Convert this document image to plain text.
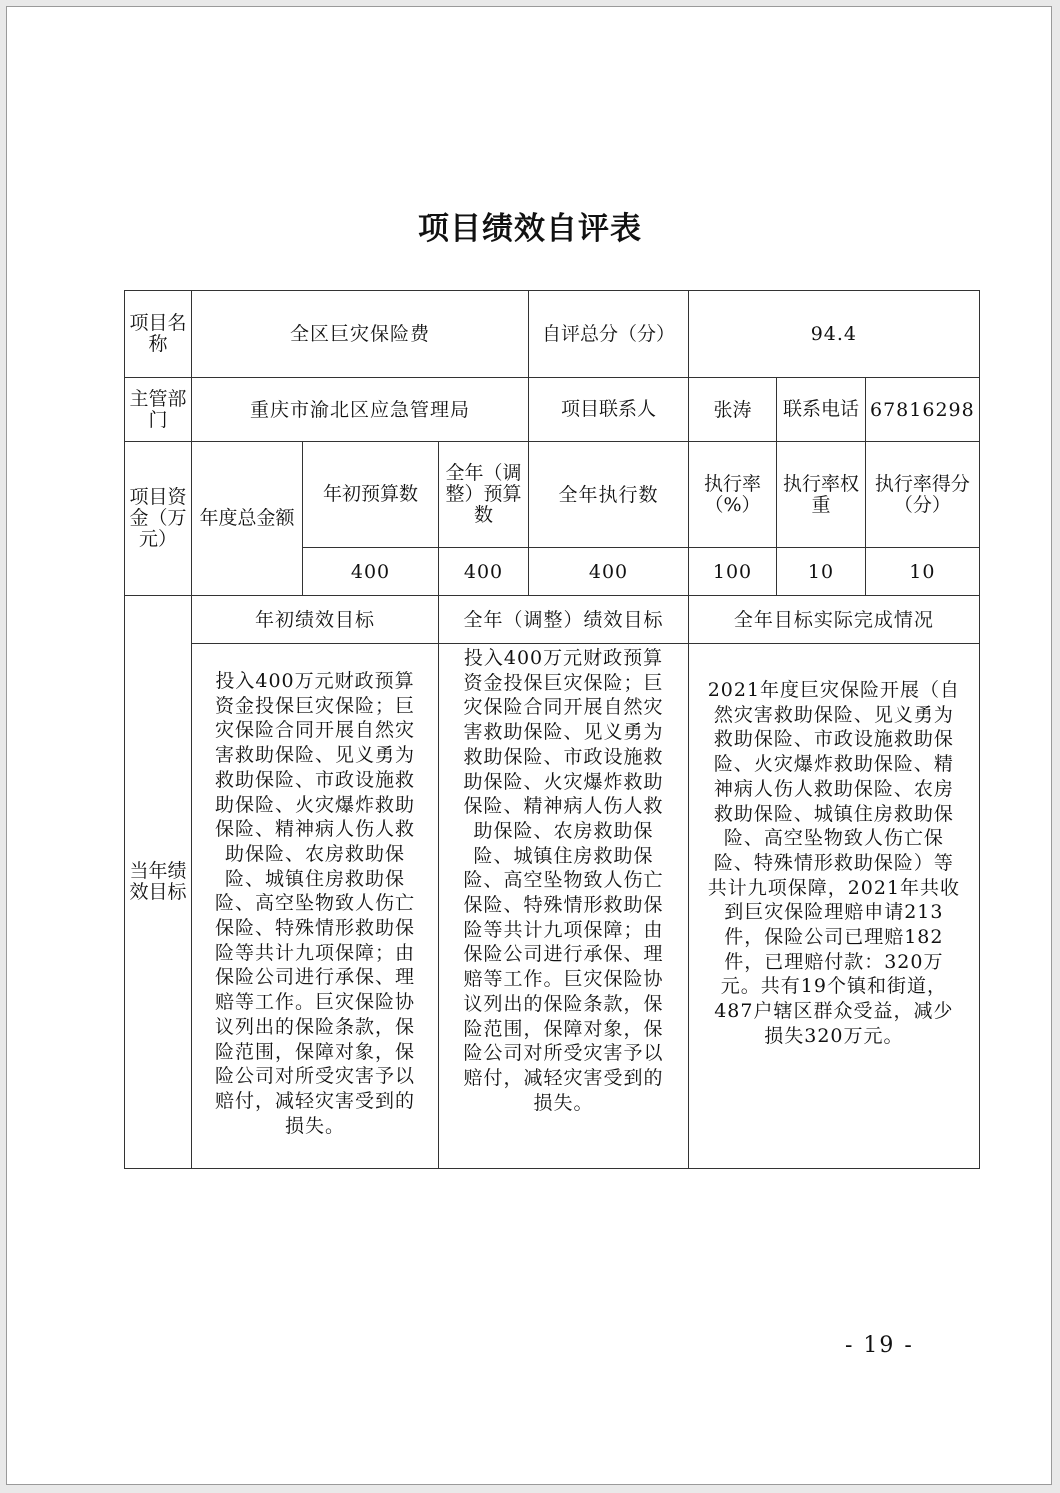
项目绩效自评表
项目名称	全区巨灾保险费			自评总分（分）	94.4		
主管部门	重庆市渝北区应急管理局			项目联系人	张涛	联系电话	67816298
项目资金（万元）	年度总金额	年初预算数	全年（调整）预算数	全年执行数	执行率（%）	执行率权重	执行率得分（分）
		400	400	400	100	10	10
当年绩效目标	年初绩效目标		全年（调整）绩效目标		全年目标实际完成情况		
	投入400万元财政预算资金投保巨灾保险；巨灾保险合同开展自然灾害救助保险、见义勇为救助保险、市政设施救助保险、火灾爆炸救助保险、精神病人伤人救助保险、农房救助保险、城镇住房救助保险、高空坠物致人伤亡保险、特殊情形救助保险等共计九项保障；由保险公司进行承保、理赔等工作。巨灾保险协议列出的保险条款，保险范围，保障对象，保险公司对所受灾害予以赔付，减轻灾害受到的损失。		投入400万元财政预算资金投保巨灾保险；巨灾保险合同开展自然灾害救助保险、见义勇为救助保险、市政设施救助保险、火灾爆炸救助保险、精神病人伤人救助保险、农房救助保险、城镇住房救助保险、高空坠物致人伤亡保险、特殊情形救助保险等共计九项保障；由保险公司进行承保、理赔等工作。巨灾保险协议列出的保险条款，保险范围，保障对象，保险公司对所受灾害予以赔付，减轻灾害受到的损失。		2021年度巨灾保险开展（自然灾害救助保险、见义勇为救助保险、市政设施救助保险、火灾爆炸救助保险、精神病人伤人救助保险、农房救助保险、城镇住房救助保险、高空坠物致人伤亡保险、特殊情形救助保险）等共计九项保障，2021年共收到巨灾保险理赔申请213件，保险公司已理赔182件，已理赔付款：320万元。共有19个镇和街道，487户辖区群众受益，减少损失320万元。		
- 19 -
